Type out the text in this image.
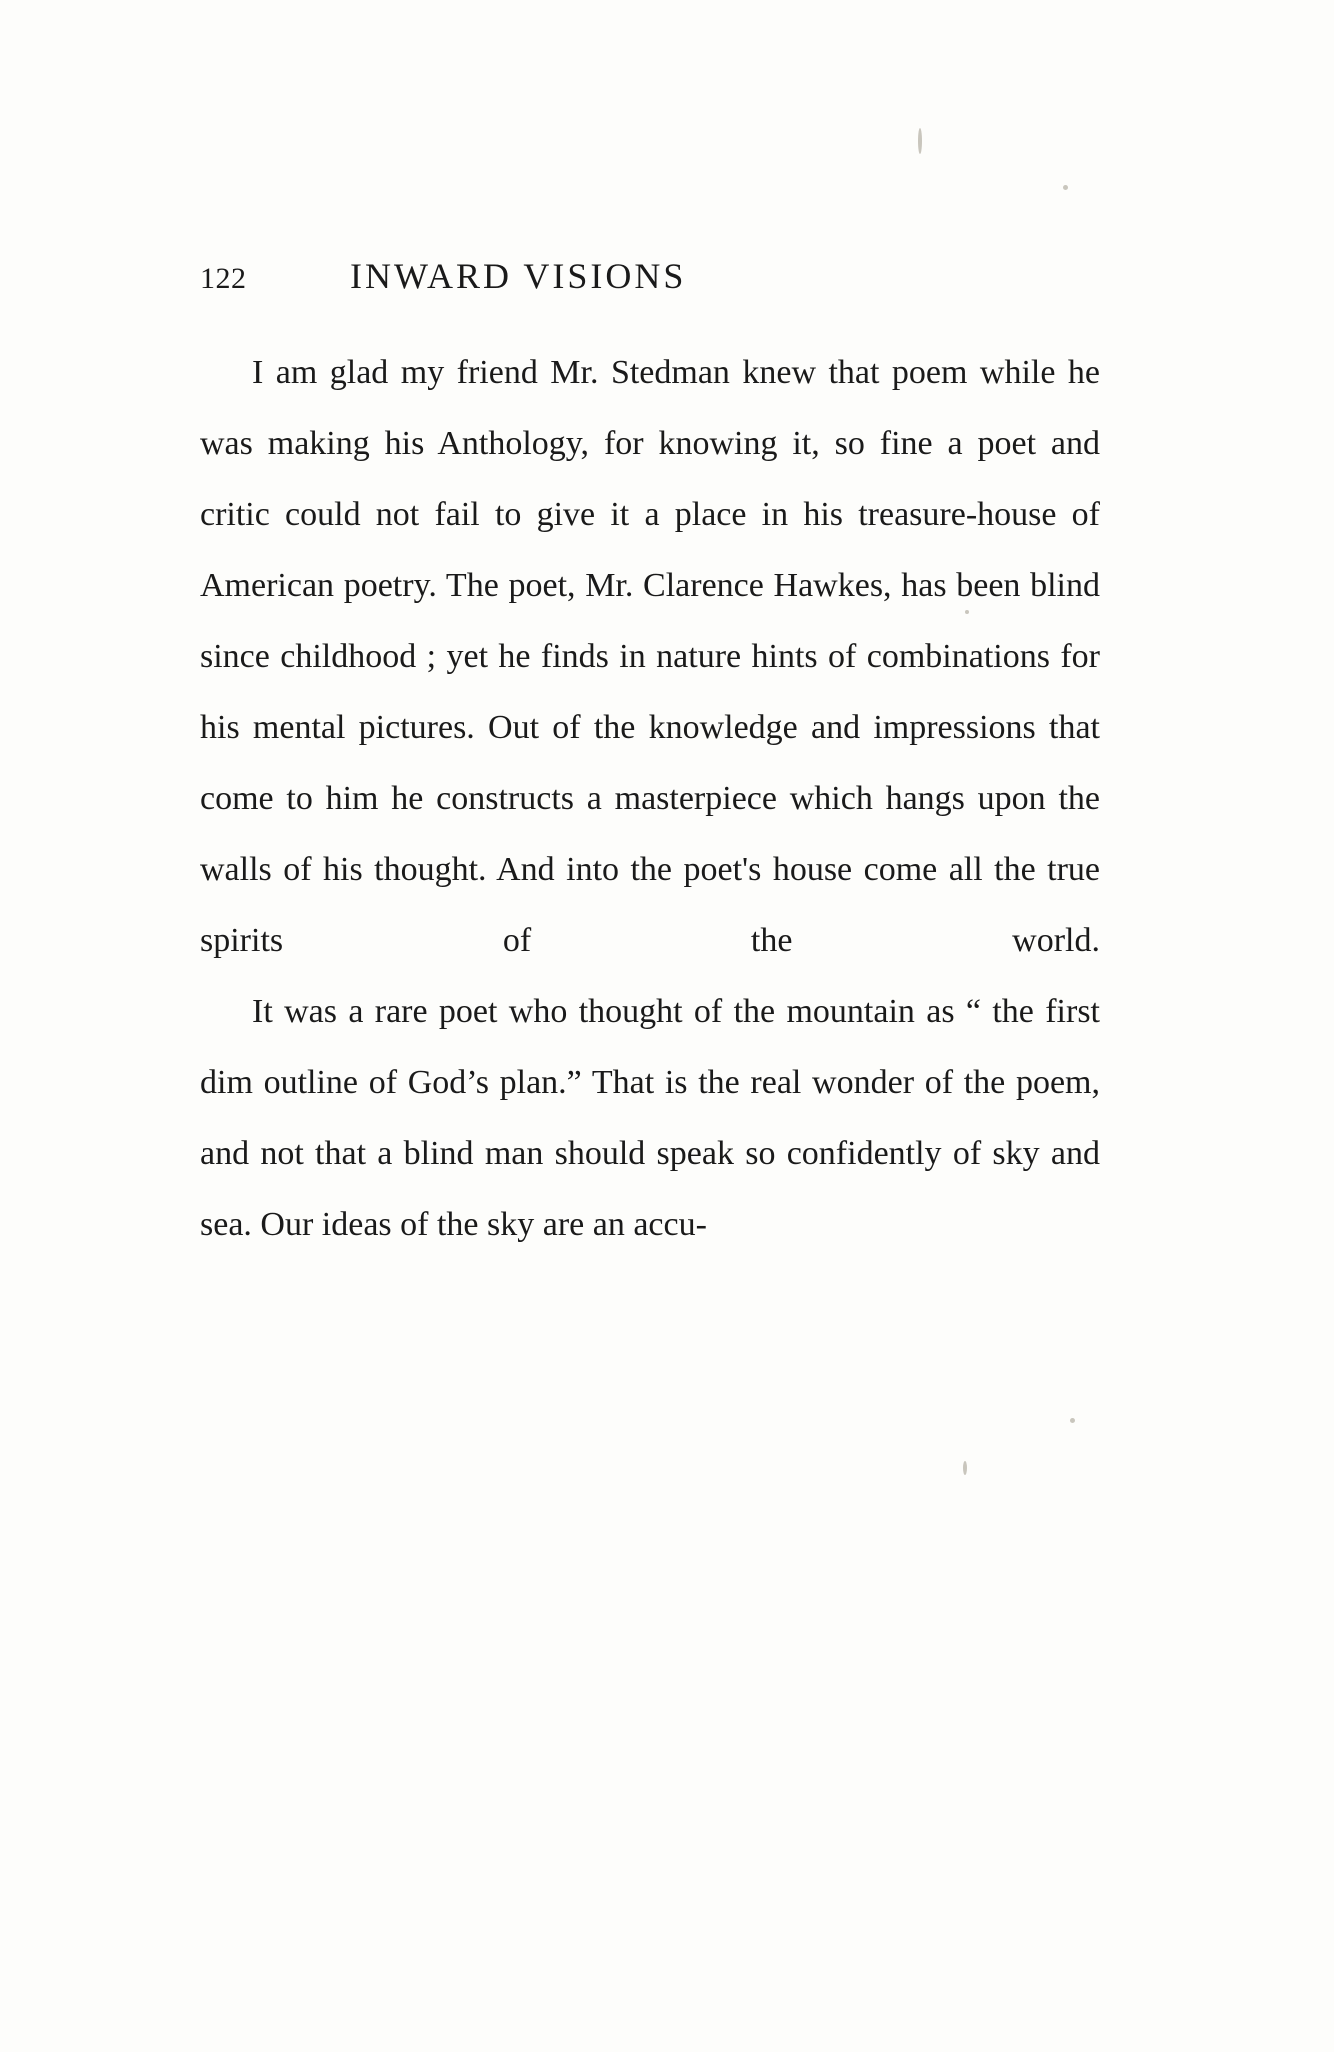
122	INWARD VISIONS

I am glad my friend Mr. Stedman knew that poem while he was making his Anthology, for knowing it, so fine a poet and critic could not fail to give it a place in his treasure-house of American poetry. The poet, Mr. Clarence Hawkes, has been blind since childhood ; yet he finds in nature hints of combinations for his mental pictures. Out of the knowledge and impressions that come to him he constructs a masterpiece which hangs upon the walls of his thought. And into the poet's house come all the true spirits of the world.

It was a rare poet who thought of the mountain as “ the first dim outline of God’s plan.” That is the real wonder of the poem, and not that a blind man should speak so confidently of sky and sea. Our ideas of the sky are an accu-
